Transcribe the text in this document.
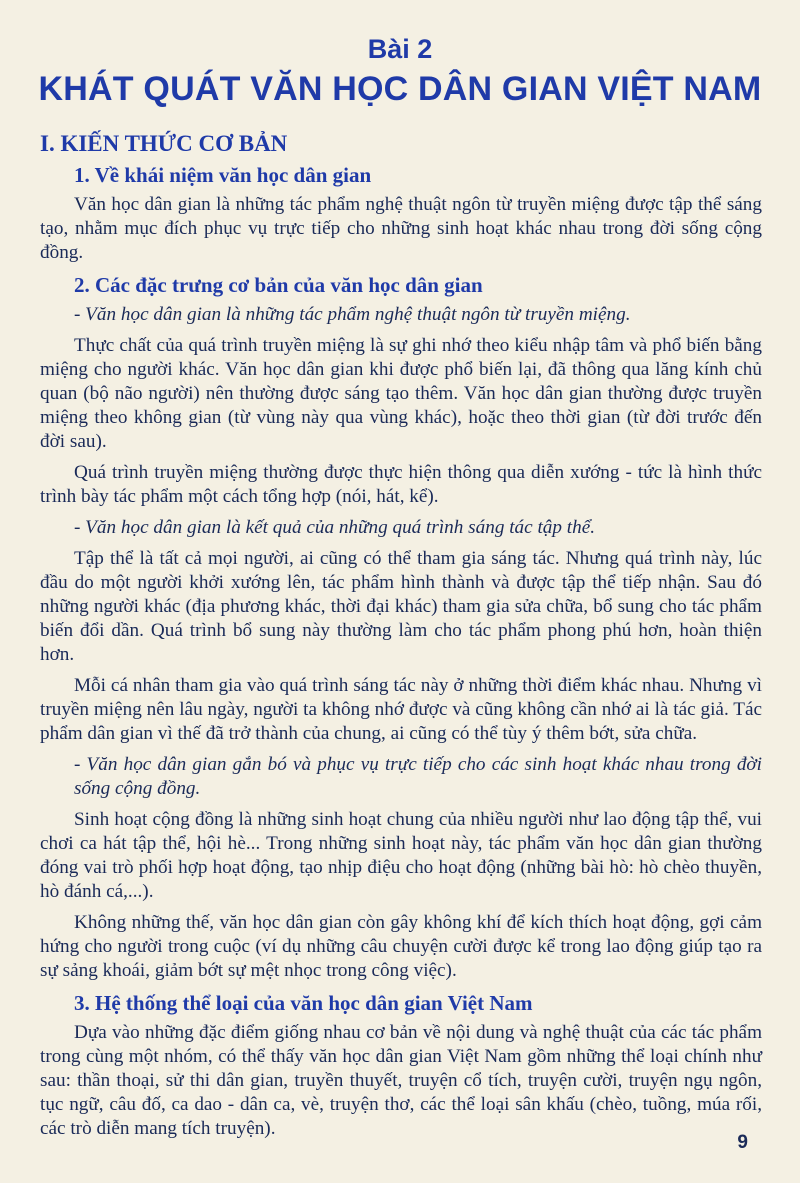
Bài 2
KHÁT QUÁT VĂN HỌC DÂN GIAN VIỆT NAM
I. KIẾN THỨC CƠ BẢN
1. Về khái niệm văn học dân gian

Văn học dân gian là những tác phẩm nghệ thuật ngôn từ truyền miệng được tập thể sáng tạo, nhằm mục đích phục vụ trực tiếp cho những sinh hoạt khác nhau trong đời sống cộng đồng.

2. Các đặc trưng cơ bản của văn học dân gian

- Văn học dân gian là những tác phẩm nghệ thuật ngôn từ truyền miệng.

Thực chất của quá trình truyền miệng là sự ghi nhớ theo kiểu nhập tâm và phổ biến bằng miệng cho người khác. Văn học dân gian khi được phổ biến lại, đã thông qua lăng kính chủ quan (bộ não người) nên thường được sáng tạo thêm. Văn học dân gian thường được truyền miệng theo không gian (từ vùng này qua vùng khác), hoặc theo thời gian (từ đời trước đến đời sau).

Quá trình truyền miệng thường được thực hiện thông qua diễn xướng - tức là hình thức trình bày tác phẩm một cách tổng hợp (nói, hát, kể).

- Văn học dân gian là kết quả của những quá trình sáng tác tập thể.

Tập thể là tất cả mọi người, ai cũng có thể tham gia sáng tác. Nhưng quá trình này, lúc đầu do một người khởi xướng lên, tác phẩm hình thành và được tập thể tiếp nhận. Sau đó những người khác (địa phương khác, thời đại khác) tham gia sửa chữa, bổ sung cho tác phẩm biến đổi dần. Quá trình bổ sung này thường làm cho tác phẩm phong phú hơn, hoàn thiện hơn.

Mỗi cá nhân tham gia vào quá trình sáng tác này ở những thời điểm khác nhau. Nhưng vì truyền miệng nên lâu ngày, người ta không nhớ được và cũng không cần nhớ ai là tác giả. Tác phẩm dân gian vì thế đã trở thành của chung, ai cũng có thể tùy ý thêm bớt, sửa chữa.

- Văn học dân gian gắn bó và phục vụ trực tiếp cho các sinh hoạt khác nhau trong đời sống cộng đồng.

Sinh hoạt cộng đồng là những sinh hoạt chung của nhiều người như lao động tập thể, vui chơi ca hát tập thể, hội hè... Trong những sinh hoạt này, tác phẩm văn học dân gian thường đóng vai trò phối hợp hoạt động, tạo nhịp điệu cho hoạt động (những bài hò: hò chèo thuyền, hò đánh cá,...).

Không những thế, văn học dân gian còn gây không khí để kích thích hoạt động, gợi cảm hứng cho người trong cuộc (ví dụ những câu chuyện cười được kể trong lao động giúp tạo ra sự sảng khoái, giảm bớt sự mệt nhọc trong công việc).

3. Hệ thống thể loại của văn học dân gian Việt Nam

Dựa vào những đặc điểm giống nhau cơ bản về nội dung và nghệ thuật của các tác phẩm trong cùng một nhóm, có thể thấy văn học dân gian Việt Nam gồm những thể loại chính như sau: thần thoại, sử thi dân gian, truyền thuyết, truyện cổ tích, truyện cười, truyện ngụ ngôn, tục ngữ, câu đố, ca dao - dân ca, vè, truyện thơ, các thể loại sân khấu (chèo, tuồng, múa rối, các trò diễn mang tích truyện).

9
